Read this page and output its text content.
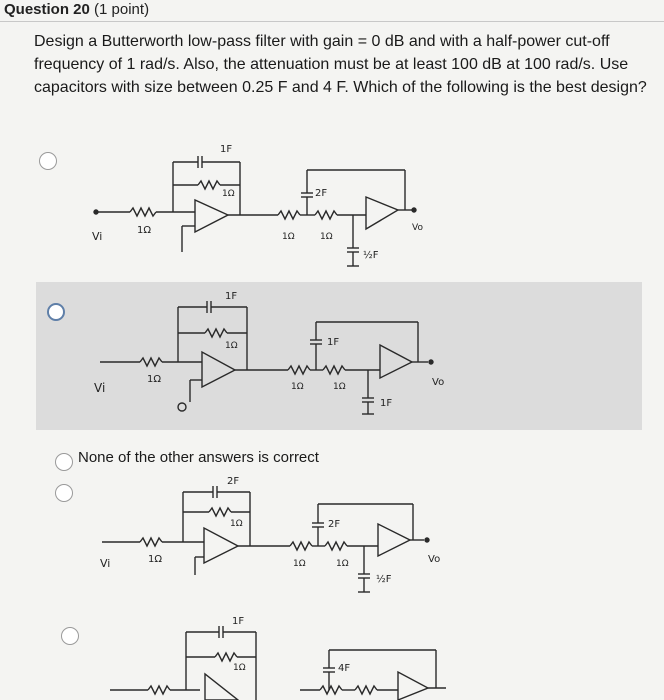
Question 20 (1 point)
Design a Butterworth low-pass filter with gain = 0 dB and with a half-power cut-off frequency of 1 rad/s. Also, the attenuation must be at least 100 dB at 100 rad/s. Use capacitors with size between 0.25 F and 4 F. Which of the following is the best design?
None of the other answers is correct
Vi
Vo
1F
1Ω
1Ω
1Ω	1Ω
2F
½F
Vi	Vo
1F
1Ω
1Ω
1Ω	1Ω
1F
1F
Vi	Vo
2F
1Ω
1Ω
1Ω	1Ω
2F
½F
1F
1Ω	4F
